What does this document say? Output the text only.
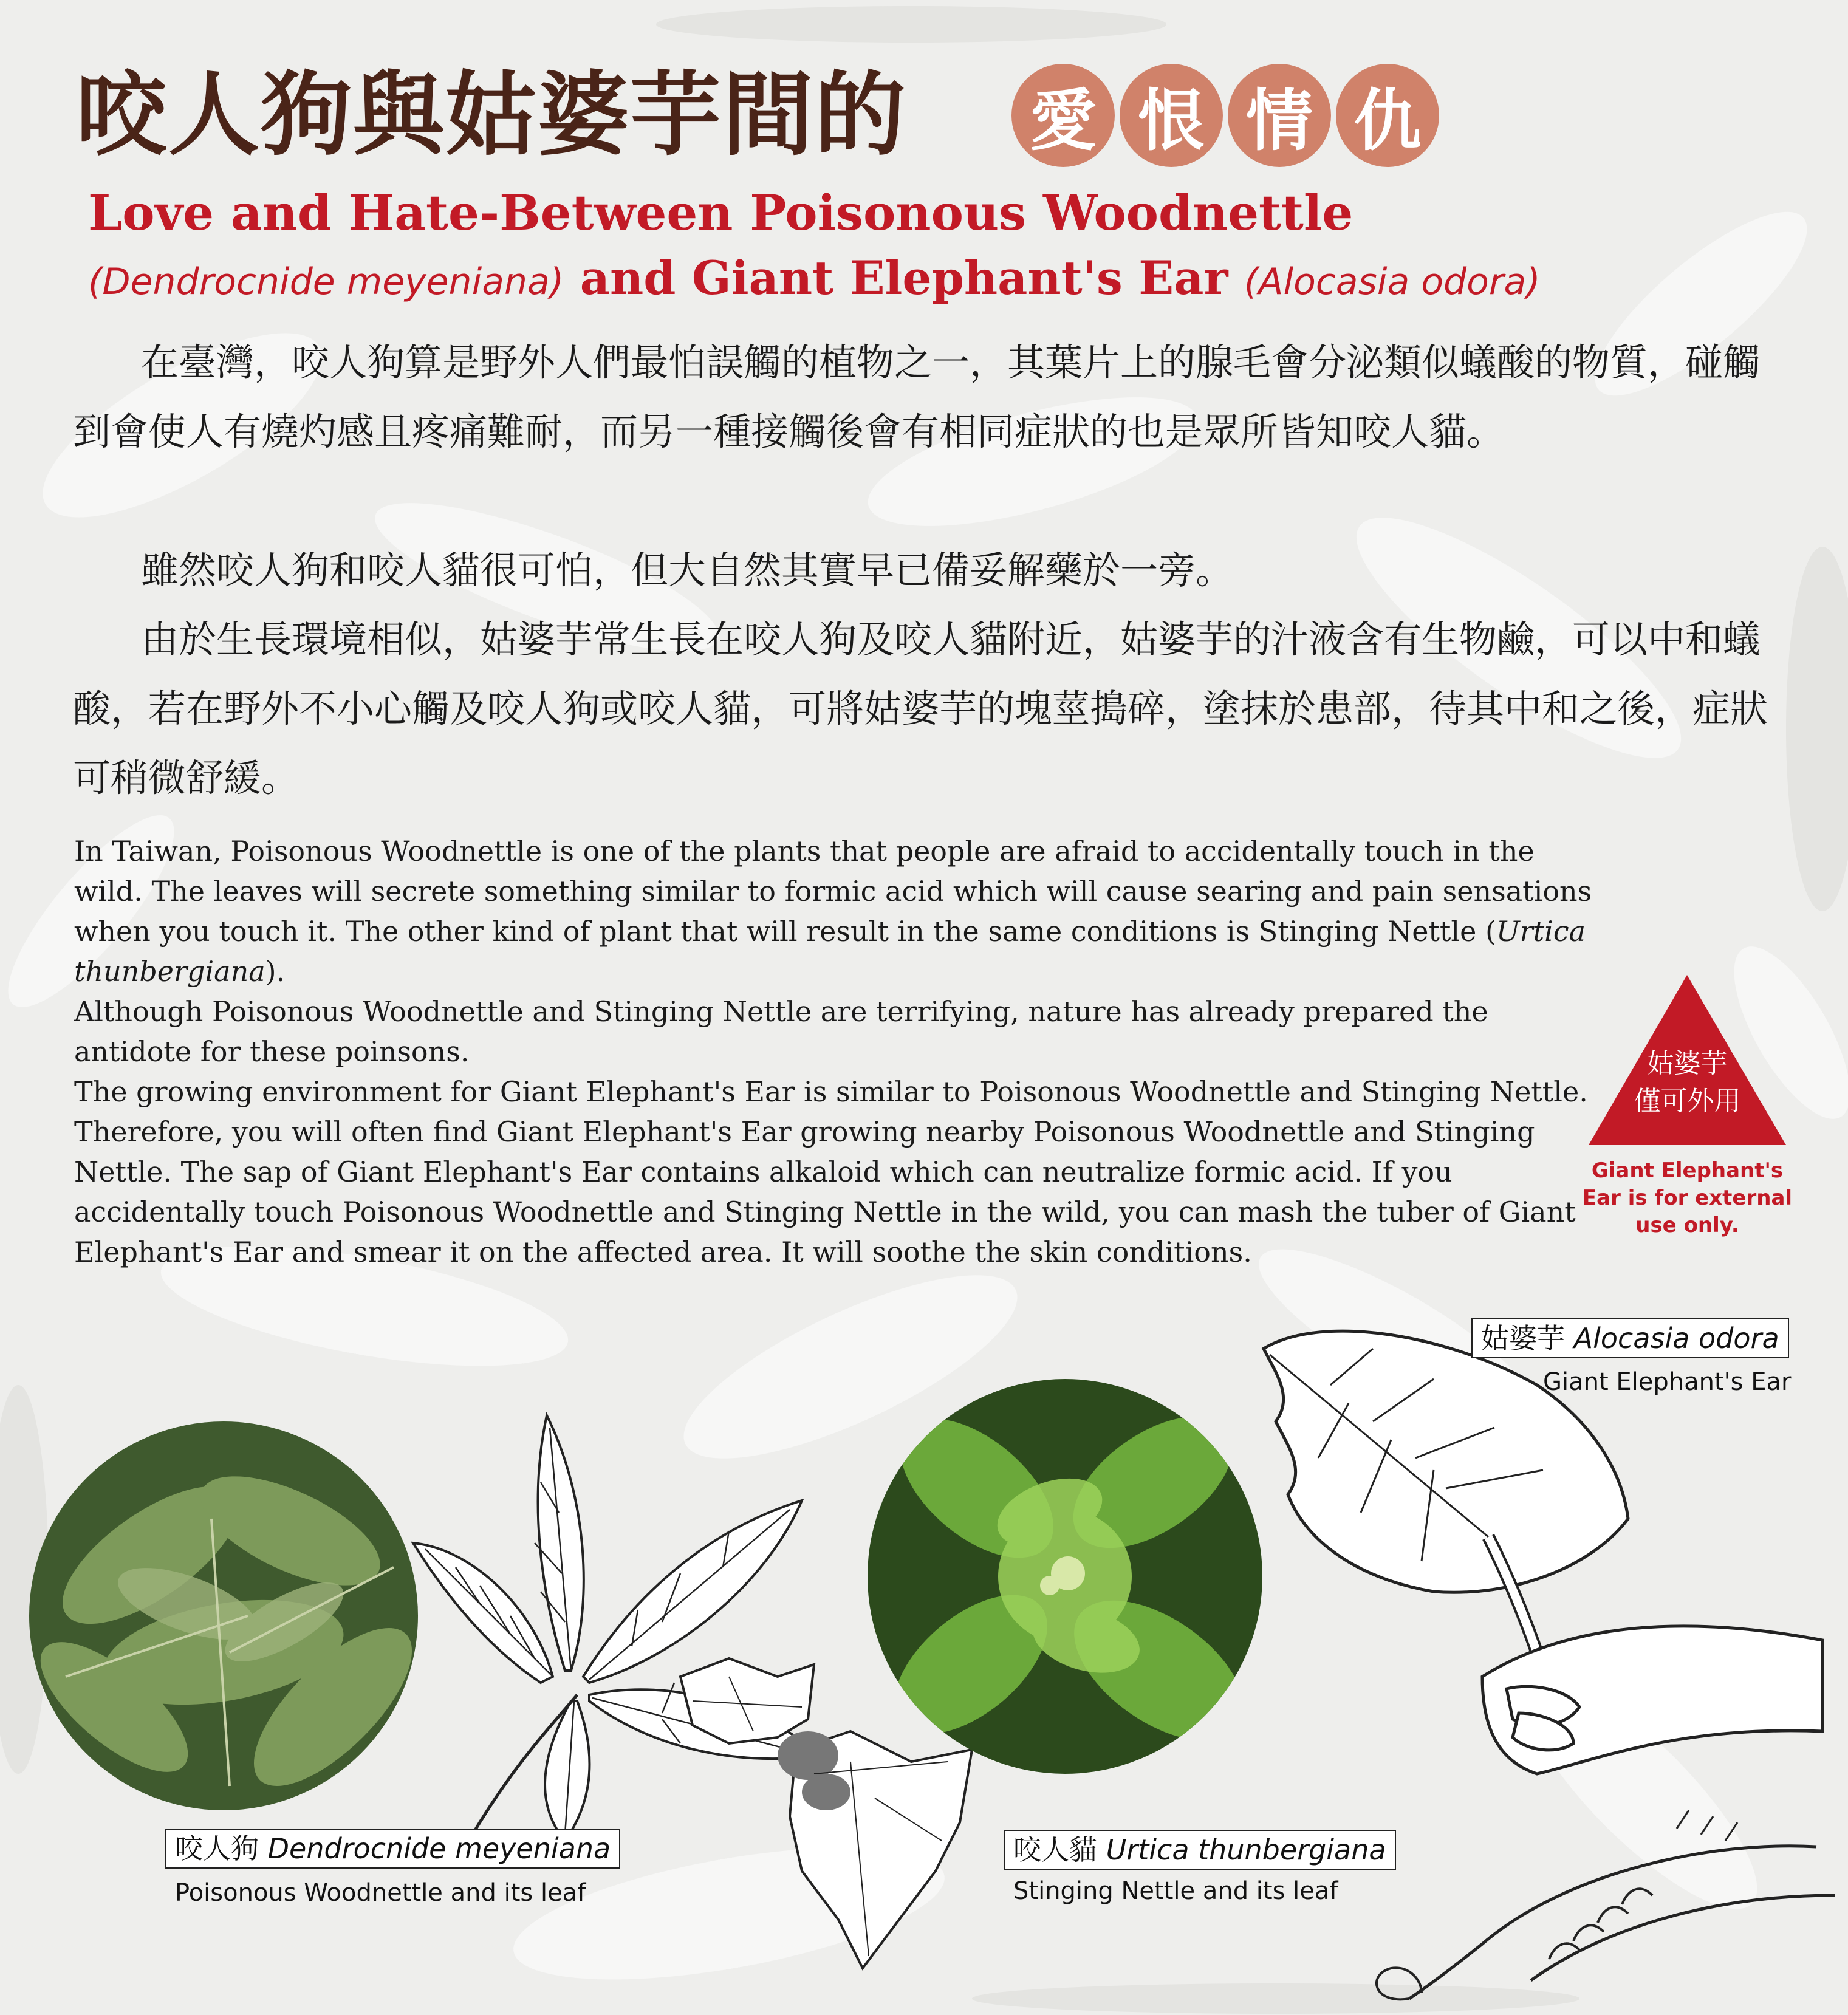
咬人狗與姑婆芋間的 愛 恨 情 仇
Love and Hate-Between Poisonous Woodnettle
(Dendrocnide meyeniana) and Giant Elephant's Ear (Alocasia odora)

在臺灣，咬人狗算是野外人們最怕誤觸的植物之一，其葉片上的腺毛會分泌類似蟻酸的物質，碰觸到會使人有燒灼感且疼痛難耐，而另一種接觸後會有相同症狀的也是眾所皆知咬人貓。

雖然咬人狗和咬人貓很可怕，但大自然其實早已備妥解藥於一旁。

由於生長環境相似，姑婆芋常生長在咬人狗及咬人貓附近，姑婆芋的汁液含有生物鹼，可以中和蟻酸，若在野外不小心觸及咬人狗或咬人貓，可將姑婆芋的塊莖搗碎，塗抹於患部，待其中和之後，症狀可稍微舒緩。

In Taiwan, Poisonous Woodnettle is one of the plants that people are afraid to accidentally touch in the wild. The leaves will secrete something similar to formic acid which will cause searing and pain sensations when you touch it. The other kind of plant that will result in the same conditions is Stinging Nettle (Urtica thunbergiana).

Although Poisonous Woodnettle and Stinging Nettle are terrifying, nature has already prepared the antidote for these poinsons.

The growing environment for Giant Elephant's Ear is similar to Poisonous Woodnettle and Stinging Nettle. Therefore, you will often find Giant Elephant's Ear growing nearby Poisonous Woodnettle and Stinging Nettle. The sap of Giant Elephant's Ear contains alkaloid which can neutralize formic acid. If you accidentally touch Poisonous Woodnettle and Stinging Nettle in the wild, you can mash the tuber of Giant Elephant's Ear and smear it on the affected area. It will soothe the skin conditions.

姑婆芋
僅可外用
Giant Elephant's Ear is for external use only.
咬人狗 Dendrocnide meyeniana
Poisonous Woodnettle and its leaf
咬人貓 Urtica thunbergiana
Stinging Nettle and its leaf
姑婆芋 Alocasia odora
Giant Elephant's Ear
